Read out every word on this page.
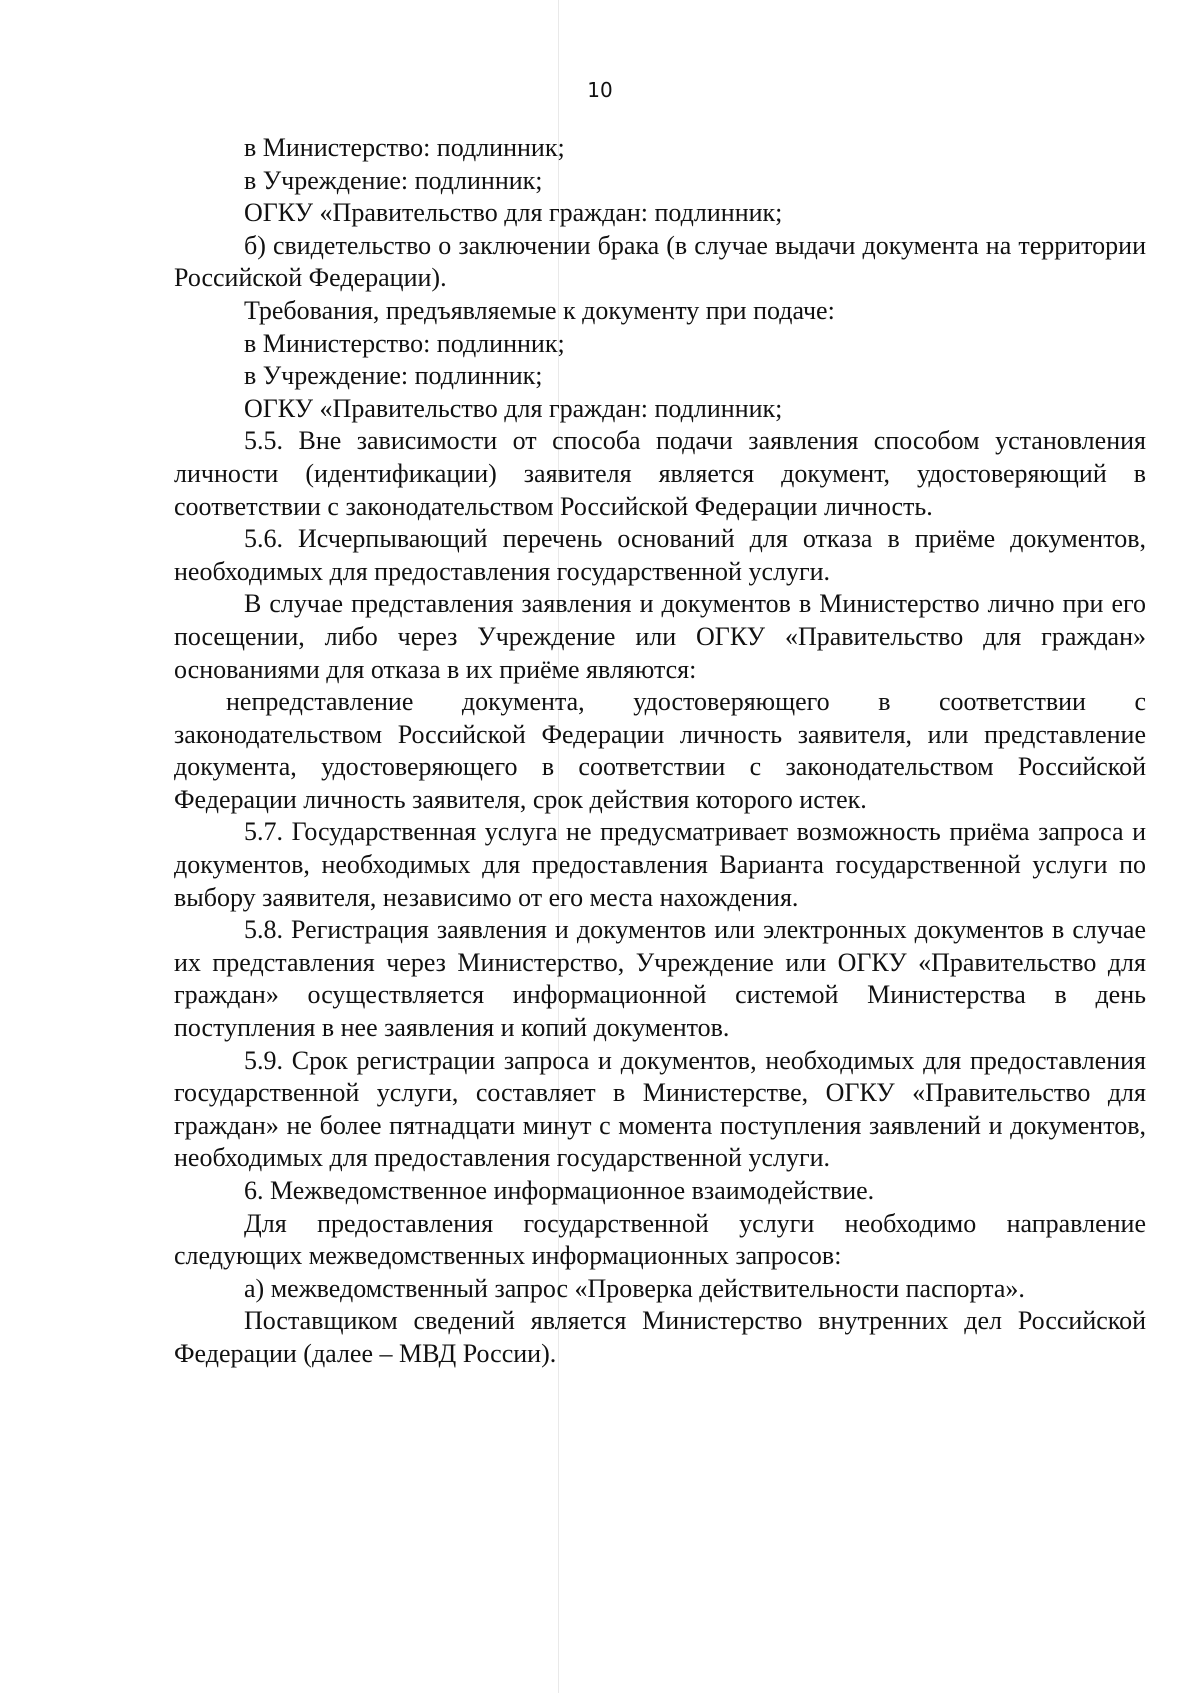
10

в Министерство: подлинник;

в Учреждение: подлинник;

ОГКУ «Правительство для граждан: подлинник;

б) свидетельство о заключении брака (в случае выдачи документа на территории Российской Федерации).

Требования, предъявляемые к документу при подаче:

в Министерство: подлинник;

в Учреждение: подлинник;

ОГКУ «Правительство для граждан: подлинник;

5.5. Вне зависимости от способа подачи заявления способом установления личности (идентификации) заявителя является документ, удостоверяющий в соответствии с законодательством Российской Федерации личность.

5.6. Исчерпывающий перечень оснований для отказа в приёме документов, необходимых для предоставления государственной услуги.

В случае представления заявления и документов в Министерство лично при его посещении, либо через Учреждение или ОГКУ «Правительство для граждан» основаниями для отказа в их приёме являются:

непредставление документа, удостоверяющего в соответствии с законодательством Российской Федерации личность заявителя, или представление документа, удостоверяющего в соответствии с законодательством Российской Федерации личность заявителя, срок действия которого истек.

5.7. Государственная услуга не предусматривает возможность приёма запроса и документов, необходимых для предоставления Варианта государственной услуги по выбору заявителя, независимо от его места нахождения.

5.8. Регистрация заявления и документов или электронных документов в случае их представления через Министерство, Учреждение или ОГКУ «Правительство для граждан» осуществляется информационной системой Министерства в день поступления в нее заявления и копий документов.

5.9. Срок регистрации запроса и документов, необходимых для предоставления государственной услуги, составляет в Министерстве, ОГКУ «Правительство для граждан» не более пятнадцати минут с момента поступления заявлений и документов, необходимых для предоставления государственной услуги.

6. Межведомственное информационное взаимодействие.

Для предоставления государственной услуги необходимо направление следующих межведомственных информационных запросов:

а) межведомственный запрос «Проверка действительности паспорта».

Поставщиком сведений является Министерство внутренних дел Российской Федерации (далее – МВД России).
